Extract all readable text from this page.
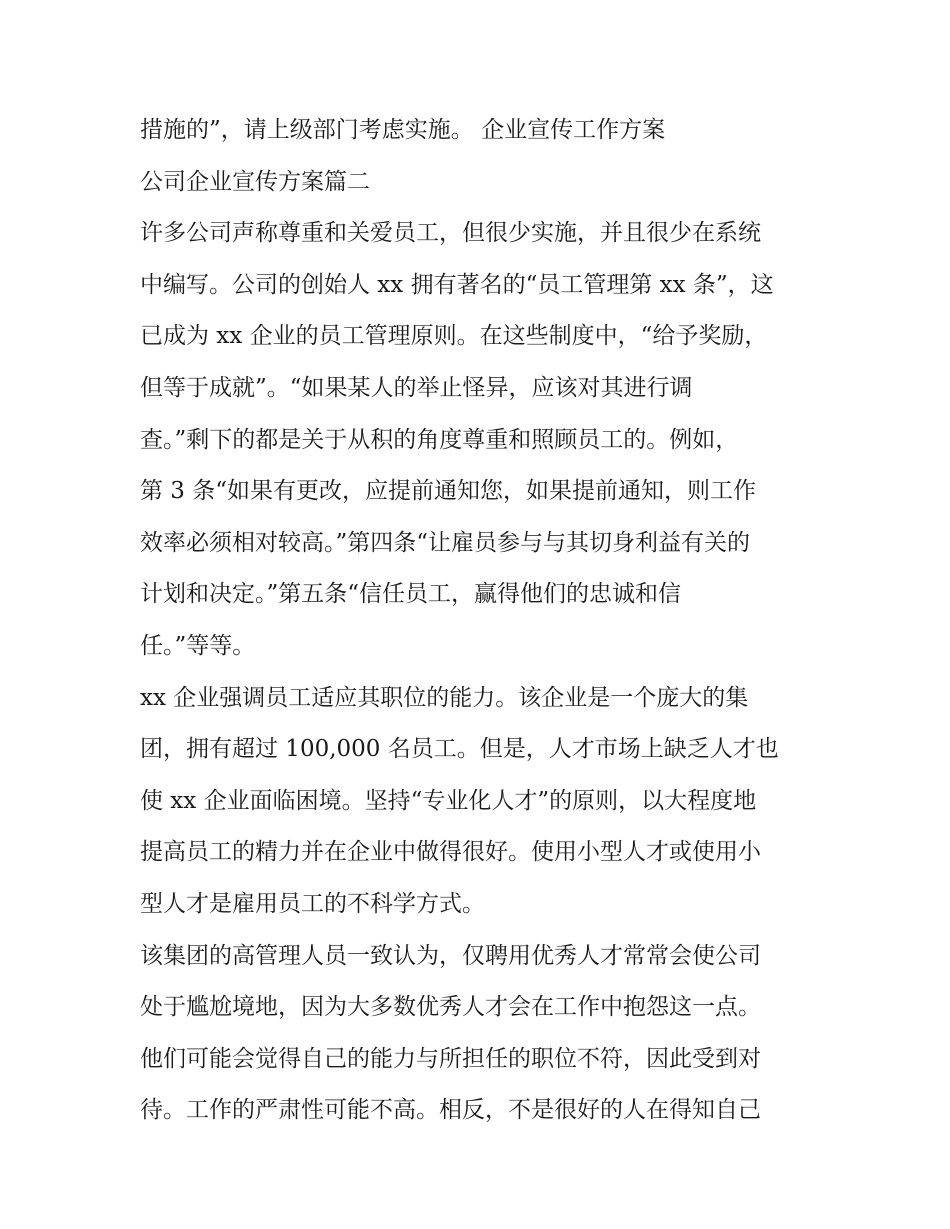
措施的”，请上级部门考虑实施。 企业宣传工作方案
公司企业宣传方案篇二
许多公司声称尊重和关爱员工，但很少实施，并且很少在系统
中编写。公司的创始人 xx 拥有著名的“员工管理第 xx 条”，这
已成为 xx 企业的员工管理原则。在这些制度中，“给予奖励，
但等于成就”。“如果某人的举止怪异，应该对其进行调
查。”剩下的都是关于从积的角度尊重和照顾员工的。例如，
第 3 条“如果有更改，应提前通知您，如果提前通知，则工作
效率必须相对较高。”第四条“让雇员参与与其切身利益有关的
计划和决定。”第五条“信任员工，赢得他们的忠诚和信
任。”等等。
xx 企业强调员工适应其职位的能力。该企业是一个庞大的集
团，拥有超过 100,000 名员工。但是，人才市场上缺乏人才也
使 xx 企业面临困境。坚持“专业化人才”的原则，以大程度地
提高员工的精力并在企业中做得很好。使用小型人才或使用小
型人才是雇用员工的不科学方式。
该集团的高管理人员一致认为，仅聘用优秀人才常常会使公司
处于尴尬境地，因为大多数优秀人才会在工作中抱怨这一点。
他们可能会觉得自己的能力与所担任的职位不符，因此受到对
待。工作的严肃性可能不高。相反，不是很好的人在得知自己
